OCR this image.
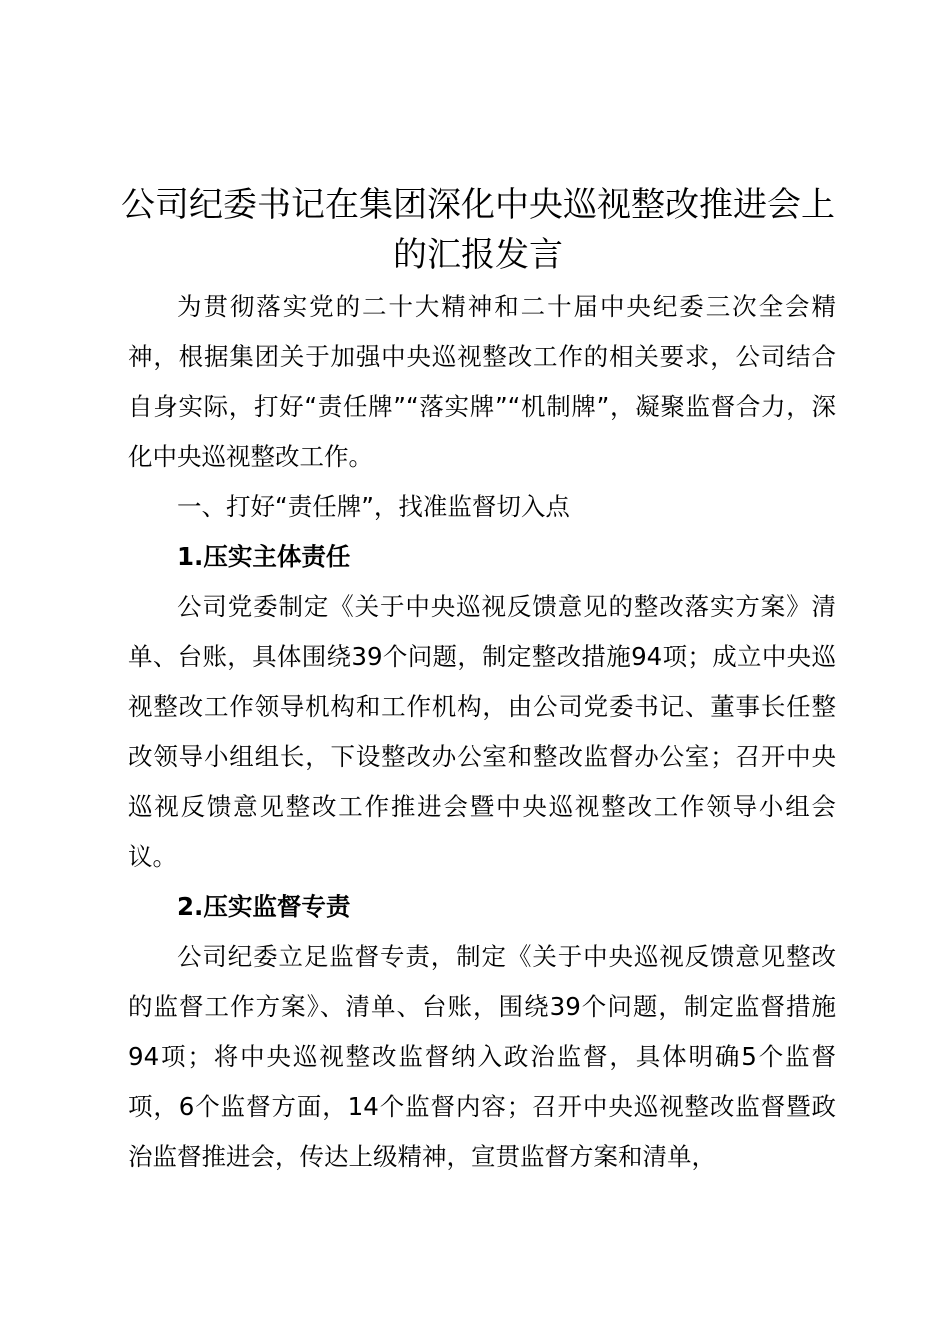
公司纪委书记在集团深化中央巡视整改推进会上的汇报发言

为贯彻落实党的二十大精神和二十届中央纪委三次全会精神，根据集团关于加强中央巡视整改工作的相关要求，公司结合自身实际，打好“责任牌”“落实牌”“机制牌”，凝聚监督合力，深化中央巡视整改工作。

一、打好“责任牌”，找准监督切入点

1.压实主体责任

公司党委制定《关于中央巡视反馈意见的整改落实方案》清单、台账，具体围绕39个问题，制定整改措施94项；成立中央巡视整改工作领导机构和工作机构，由公司党委书记、董事长任整改领导小组组长，下设整改办公室和整改监督办公室；召开中央巡视反馈意见整改工作推进会暨中央巡视整改工作领导小组会议。

2.压实监督专责

公司纪委立足监督专责，制定《关于中央巡视反馈意见整改的监督工作方案》、清单、台账，围绕39个问题，制定监督措施94项；将中央巡视整改监督纳入政治监督，具体明确5个监督项，6个监督方面，14个监督内容；召开中央巡视整改监督暨政治监督推进会，传达上级精神，宣贯监督方案和清单，
